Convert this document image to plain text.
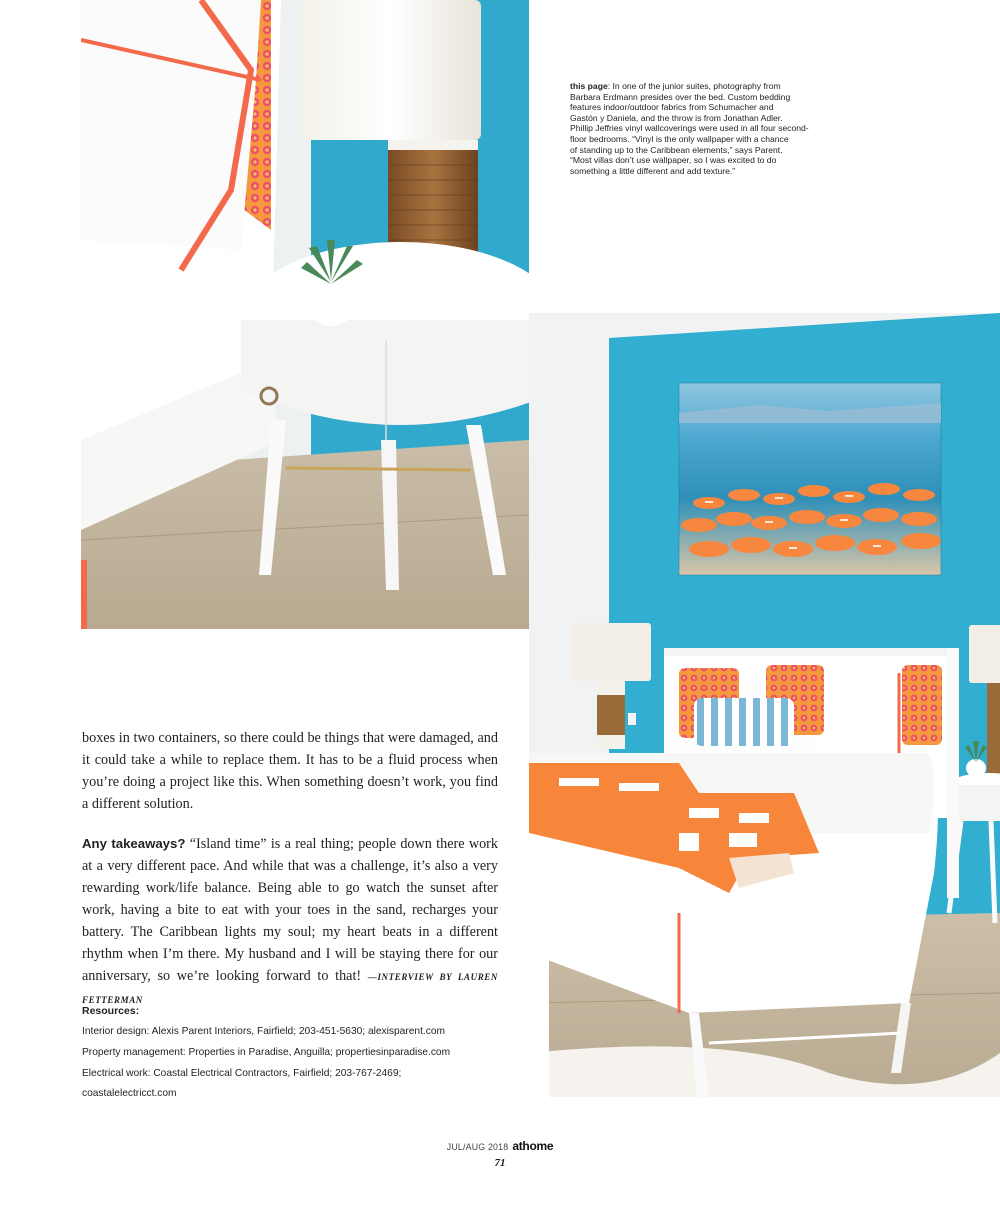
this page: In one of the junior suites, photography from
Barbara Erdmann presides over the bed. Custom bedding
features indoor/outdoor fabrics from Schumacher and
Gastón y Daniela, and the throw is from Jonathan Adler.
Phillip Jeffries vinyl wallcoverings were used in all four second-
floor bedrooms. “Vinyl is the only wallpaper with a chance
of standing up to the Caribbean elements,” says Parent.
“Most villas don’t use wallpaper, so I was excited to do
something a little different and add texture.”

boxes in two containers, so there could be things that were damaged, and it could take a while to replace them. It has to be a fluid process when you’re doing a project like this. When something doesn’t work, you find a different solution.

Any takeaways? “Island time” is a real thing; people down there work at a very different pace. And while that was a challenge, it’s also a very rewarding work/life balance. Being able to go watch the sunset after work, having a bite to eat with your toes in the sand, recharges your battery. The Caribbean lights my soul; my heart beats in a different rhythm when I’m there. My husband and I will be staying there for our anniversary, so we’re looking forward to that! —INTERVIEW BY LAUREN FETTERMAN

Resources:
Interior design: Alexis Parent Interiors, Fairfield; 203-451-5630; alexisparent.com
Property management: Properties in Paradise, Anguilla; propertiesinparadise.com
Electrical work: Coastal Electrical Contractors, Fairfield; 203-767-2469;
coastalelectricct.com
JUL/AUG 2018 athome
71
